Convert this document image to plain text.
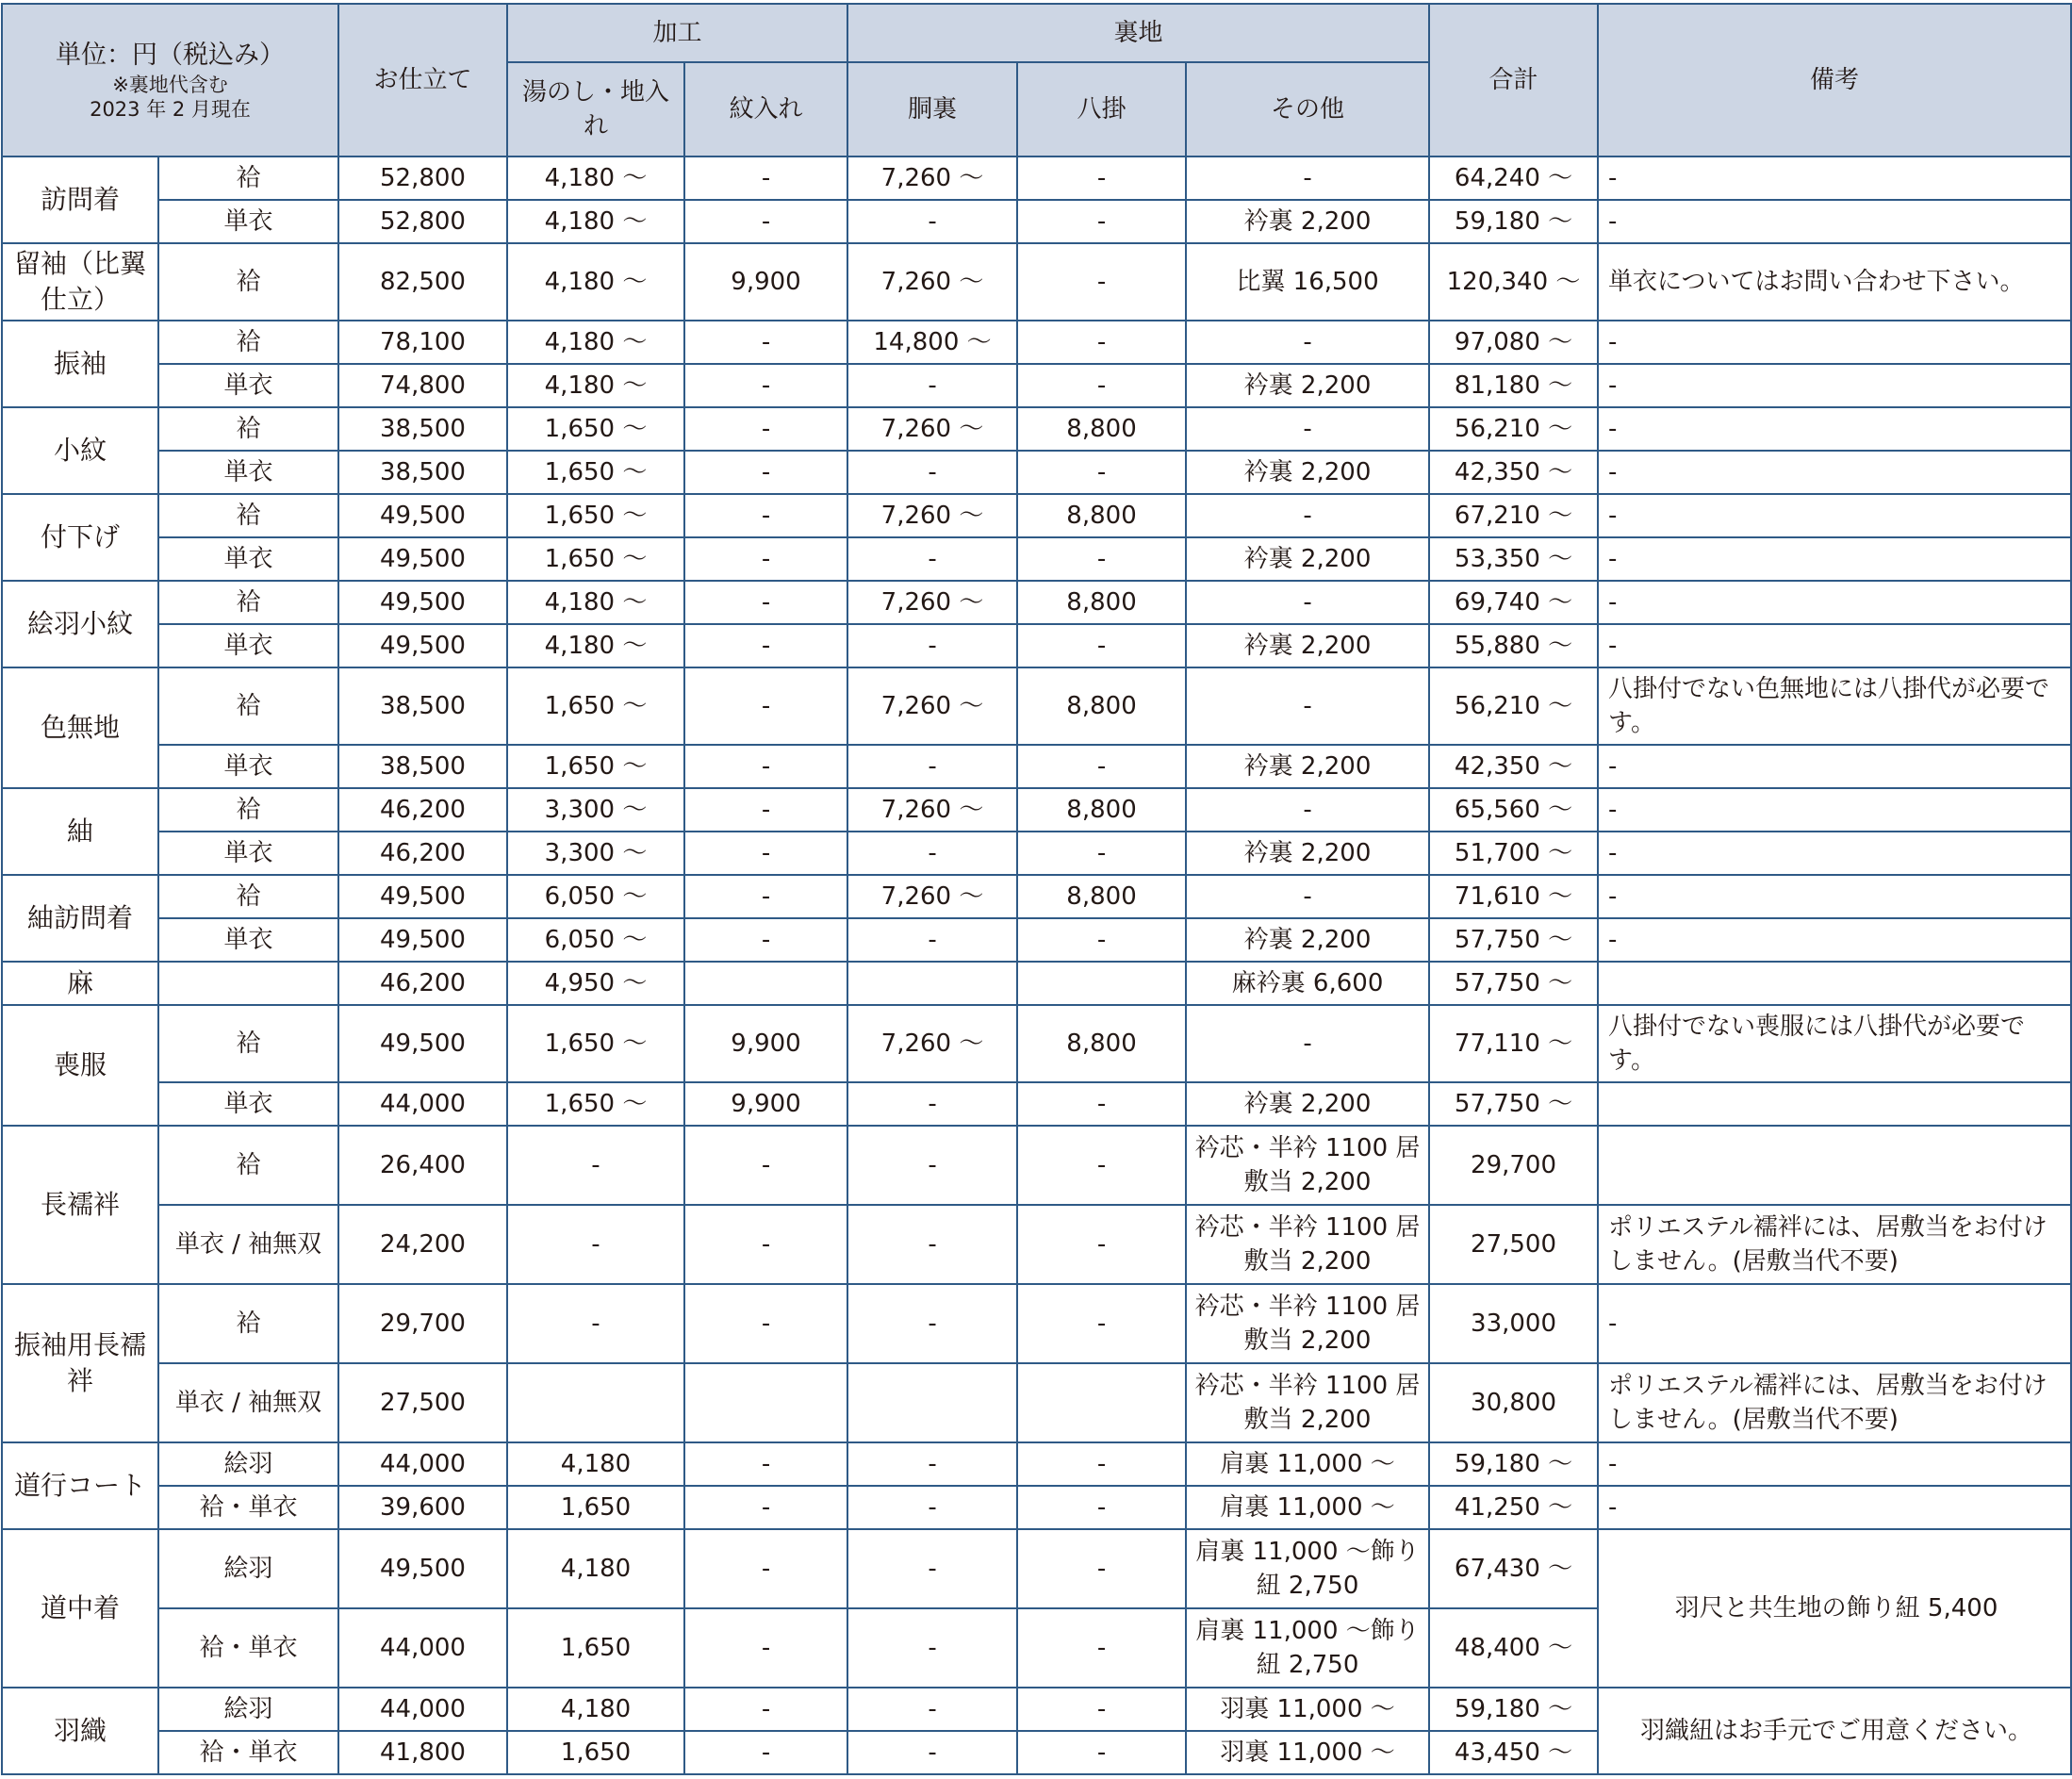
単位：円（税込み）
※裏地代含む
2023 年 2 月現在		お仕立て	加工		裏地			合計	備考
			湯のし・地入れ	紋入れ	胴裏	八掛	その他		
訪問着	袷	52,800	4,180 〜	-	7,260 〜	-	-	64,240 〜	-
	単衣	52,800	4,180 〜	-	-	-	衿裏 2,200	59,180 〜	-
留袖（比翼仕立）	袷	82,500	4,180 〜	9,900	7,260 〜	-	比翼 16,500	120,340 〜	単衣についてはお問い合わせ下さい。
振袖	袷	78,100	4,180 〜	-	14,800 〜	-	-	97,080 〜	-
	単衣	74,800	4,180 〜	-	-	-	衿裏 2,200	81,180 〜	-
小紋	袷	38,500	1,650 〜	-	7,260 〜	8,800	-	56,210 〜	-
	単衣	38,500	1,650 〜	-	-	-	衿裏 2,200	42,350 〜	-
付下げ	袷	49,500	1,650 〜	-	7,260 〜	8,800	-	67,210 〜	-
	単衣	49,500	1,650 〜	-	-	-	衿裏 2,200	53,350 〜	-
絵羽小紋	袷	49,500	4,180 〜	-	7,260 〜	8,800	-	69,740 〜	-
	単衣	49,500	4,180 〜	-	-	-	衿裏 2,200	55,880 〜	-
色無地	袷	38,500	1,650 〜	-	7,260 〜	8,800	-	56,210 〜	八掛付でない色無地には八掛代が必要です。
	単衣	38,500	1,650 〜	-	-	-	衿裏 2,200	42,350 〜	-
紬	袷	46,200	3,300 〜	-	7,260 〜	8,800	-	65,560 〜	-
	単衣	46,200	3,300 〜	-	-	-	衿裏 2,200	51,700 〜	-
紬訪問着	袷	49,500	6,050 〜	-	7,260 〜	8,800	-	71,610 〜	-
	単衣	49,500	6,050 〜	-	-	-	衿裏 2,200	57,750 〜	-
麻		46,200	4,950 〜				麻衿裏 6,600	57,750 〜	
喪服	袷	49,500	1,650 〜	9,900	7,260 〜	8,800	-	77,110 〜	八掛付でない喪服には八掛代が必要です。
	単衣	44,000	1,650 〜	9,900	-	-	衿裏 2,200	57,750 〜	
長襦袢	袷	26,400	-	-	-	-	衿芯・半衿 1100 居敷当 2,200	29,700	
	単衣 / 袖無双	24,200	-	-	-	-	衿芯・半衿 1100 居敷当 2,200	27,500	ポリエステル襦袢には、居敷当をお付けしません。(居敷当代不要)
振袖用長襦袢	袷	29,700	-	-	-	-	衿芯・半衿 1100 居敷当 2,200	33,000	-
	単衣 / 袖無双	27,500					衿芯・半衿 1100 居敷当 2,200	30,800	ポリエステル襦袢には、居敷当をお付けしません。(居敷当代不要)
道行コート	絵羽	44,000	4,180	-	-	-	肩裏 11,000 〜	59,180 〜	-
	袷・単衣	39,600	1,650	-	-	-	肩裏 11,000 〜	41,250 〜	-
道中着	絵羽	49,500	4,180	-	-	-	肩裏 11,000 〜飾り紐 2,750	67,430 〜	羽尺と共生地の飾り紐 5,400
	袷・単衣	44,000	1,650	-	-	-	肩裏 11,000 〜飾り紐 2,750	48,400 〜	
羽織	絵羽	44,000	4,180	-	-	-	羽裏 11,000 〜	59,180 〜	羽織紐はお手元でご用意ください。
	袷・単衣	41,800	1,650	-	-	-	羽裏 11,000 〜	43,450 〜	
